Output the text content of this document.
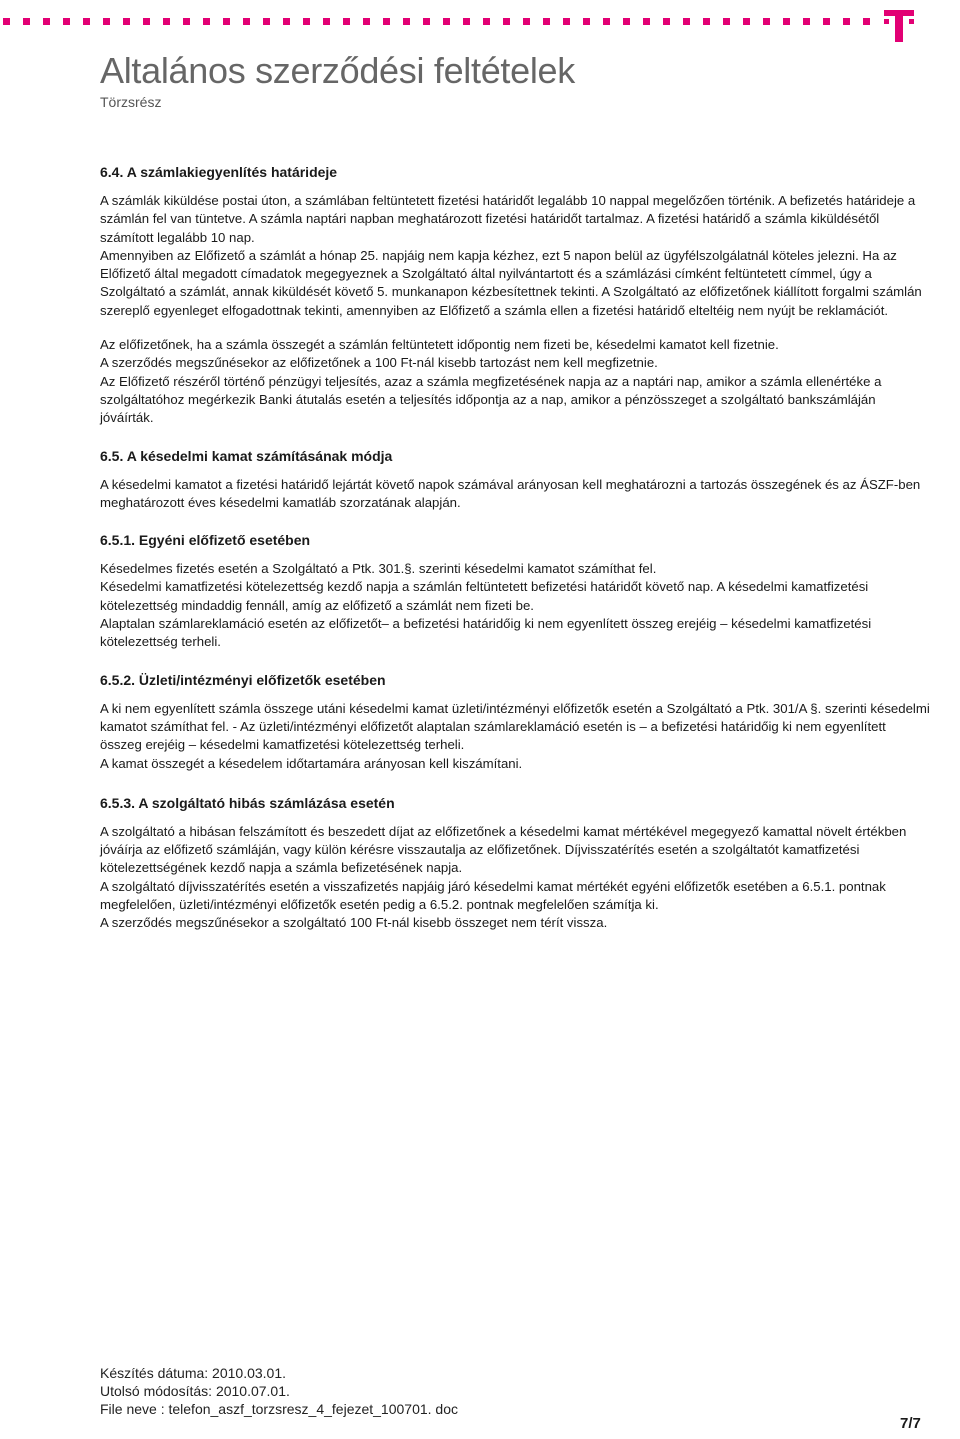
Altalános szerződési feltételek
Törzsrész
6.4. A számlakiegyenlítés határideje

A számlák kiküldése postai úton, a számlában feltüntetett fizetési határidőt legalább 10 nappal megelőzően történik. A befizetés határideje a számlán fel van tüntetve. A számla naptári napban meghatározott fizetési határidőt tartalmaz. A fizetési határidő a számla kiküldésétől számított legalább 10 nap.

Amennyiben az Előfizető a számlát a hónap 25. napjáig nem kapja kézhez, ezt 5 napon belül az ügyfélszolgálatnál köteles jelezni. Ha az Előfizető által megadott címadatok megegyeznek a Szolgáltató által nyilvántartott és a számlázási címként feltüntetett címmel, úgy a Szolgáltató a számlát, annak kiküldését követő 5. munkanapon kézbesítettnek tekinti. A Szolgáltató az előfizetőnek kiállított forgalmi számlán szereplő egyenleget elfogadottnak tekinti, amennyiben az Előfizető a számla ellen a fizetési határidő elteltéig nem nyújt be reklamációt.

Az előfizetőnek, ha a számla összegét a számlán feltüntetett időpontig nem fizeti be, késedelmi kamatot kell fizetnie.

A szerződés megszűnésekor az előfizetőnek a 100 Ft-nál kisebb tartozást nem kell megfizetnie.

Az Előfizető részéről történő pénzügyi teljesítés, azaz a számla megfizetésének napja az a naptári nap, amikor a számla ellenértéke a szolgáltatóhoz megérkezik Banki átutalás esetén a teljesítés időpontja az a nap, amikor a pénzösszeget a szolgáltató bankszámláján jóváírták.

6.5. A késedelmi kamat számításának módja

A késedelmi kamatot a fizetési határidő lejártát követő napok számával arányosan kell meghatározni a tartozás összegének és az ÁSZF-ben meghatározott éves késedelmi kamatláb szorzatának alapján.

6.5.1. Egyéni előfizető esetében

Késedelmes fizetés esetén a Szolgáltató a Ptk. 301.§. szerinti késedelmi kamatot számíthat fel.

Késedelmi kamatfizetési kötelezettség kezdő napja a számlán feltüntetett befizetési határidőt követő nap. A késedelmi kamatfizetési kötelezettség mindaddig fennáll, amíg az előfizető a számlát nem fizeti be.

Alaptalan számlareklamáció esetén az előfizetőt– a befizetési határidőig ki nem egyenlített összeg erejéig – késedelmi kamatfizetési kötelezettség terheli.

6.5.2. Üzleti/intézményi előfizetők esetében

A ki nem egyenlített számla összege utáni késedelmi kamat üzleti/intézményi előfizetők esetén a Szolgáltató a Ptk. 301/A §. szerinti késedelmi kamatot számíthat fel. - Az üzleti/intézményi előfizetőt alaptalan számlareklamáció esetén is – a befizetési határidőig ki nem egyenlített összeg erejéig – késedelmi kamatfizetési kötelezettség terheli.

A kamat összegét a késedelem időtartamára arányosan kell kiszámítani.

6.5.3. A szolgáltató hibás számlázása esetén

A szolgáltató a hibásan felszámított és beszedett díjat az előfizetőnek a késedelmi kamat mértékével megegyező kamattal növelt értékben jóváírja az előfizető számláján, vagy külön kérésre visszautalja az előfizetőnek. Díjvisszatérítés esetén a szolgáltatót kamatfizetési kötelezettségének kezdő napja a számla befizetésének napja.

A szolgáltató díjvisszatérítés esetén a visszafizetés napjáig járó késedelmi kamat mértékét egyéni előfizetők esetében a 6.5.1. pontnak megfelelően, üzleti/intézményi előfizetők esetén pedig a 6.5.2. pontnak megfelelően számítja ki.

A szerződés megszűnésekor a szolgáltató 100 Ft-nál kisebb összeget nem térít vissza.

Készítés dátuma: 2010.03.01.
Utolsó módosítás: 2010.07.01.
File neve : telefon_aszf_torzsresz_4_fejezet_100701. doc
7/7
